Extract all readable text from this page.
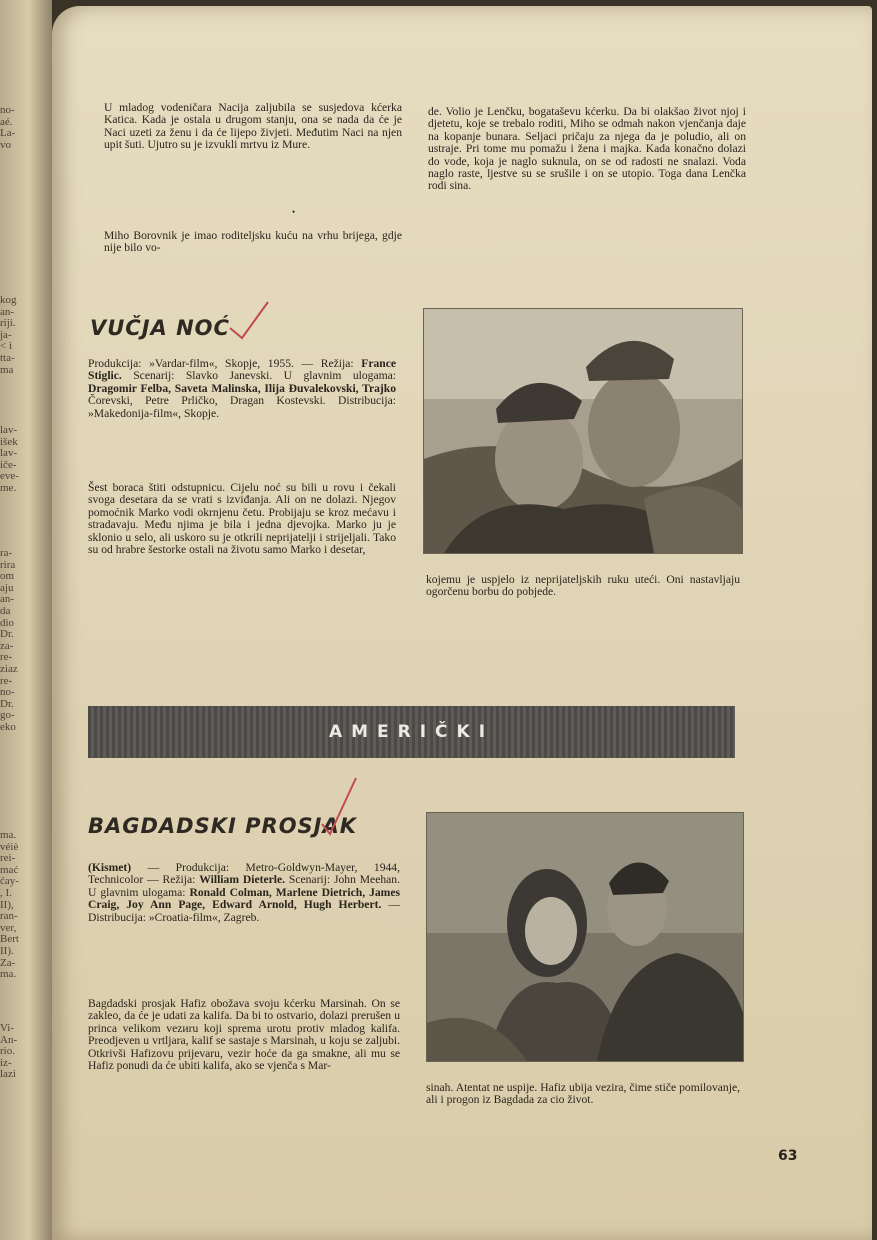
no-
aé.
La-
vo
kog
an-
riji.
ja-
< i
tta-
ma
lav-
išek
lav-
iče-
eve-
me.
ra-
rira
om
aju
an-
da
dio
Dr.
za-
re-
ziaz
re-
no-
Dr.
go-
eko
ma.
véiè
rei-
mać
ćay-
, I.
II),
ran-
ver,
Bert
II).
Za-
ma.
Vi-
An-
rio.
iz-
lazi

U mladog vodeničara Nacija zaljubila se susjedova kćerka Katica. Kada je ostala u drugom stanju, ona se nada da će je Naci uzeti za ženu i da će lijepo živjeti. Međutim Naci na njen upit šuti. Ujutro su je izvukli mrtvu iz Mure.

•

Miho Borovnik je imao roditeljsku kuću na vrhu brijega, gdje nije bilo vo-

de. Volio je Lenčku, bogataševu kćerku. Da bi olakšao život njoj i djetetu, koje se trebalo roditi, Miho se odmah nakon vjenčanja daje na kopanje bunara. Seljaci pričaju za njega da je poludio, ali on ustraje. Pri tome mu pomažu i žena i majka. Kada konačno dolazi do vode, koja je naglo suknula, on se od radosti ne snalazi. Voda naglo raste, ljestve su se srušile i on se utopio. Toga dana Lenčka rodi sina.

VUČJA NOĆ
Produkcija: »Vardar-film«, Skopje, 1955. — Režija: France Stiglic. Scenarij: Slavko Janevski. U glavnim ulogama: Dragomir Felba, Saveta Malinska, Ilija Đuvalekovski, Trajko Čorevski, Petre Prličko, Dragan Kostevski. Distribucija: »Makedonija-film«, Skopje.

Šest boraca štiti odstupnicu. Cijelu noć su bili u rovu i čekali svoga desetara da se vrati s izviđanja. Ali on ne dolazi. Njegov pomoćnik Marko vodi okrnjenu četu. Probijaju se kroz mećavu i stradavaju. Među njima je bila i jedna djevojka. Marko ju je sklonio u selo, ali uskoro su je otkrili neprijatelji i strijeljali. Tako su od hrabre šestorke ostali na životu samo Marko i desetar,

kojemu je uspjelo iz neprijateljskih ruku uteći. Oni nastavljaju ogorčenu borbu do pobjede.

AMERIČKI
BAGDADSKI PROSJAK
(Kismet) — Produkcija: Metro-Goldwyn-Mayer, 1944, Technicolor — Režija: William Dieterle. Scenarij: John Meehan. U glavnim ulogama: Ronald Colman, Marlene Dietrich, James Craig, Joy Ann Page, Edward Arnold, Hugh Herbert. — Distribucija: »Croatia-film«, Zagreb.

Bagdadski prosjak Hafiz obožava svoju kćerku Marsinah. On se zakleo, da će je udati za kalifa. Da bi to ostvario, dolazi prerušen u princa velikom vezиru koji sprema urotu protiv mladog kalifa. Preodjeven u vrtljara, kalif se sastaje s Marsinah, u koju se zaljubi. Otkrivši Hafizovu prijevaru, vezir hoće da ga smakne, ali mu se Hafiz ponudi da će ubiti kalifa, ako se vjenča s Mar-

sinah. Atentat ne uspije. Hafiz ubija vezira, čime stiče pomilovanje, ali i progon iz Bagdada za cio život.

63
